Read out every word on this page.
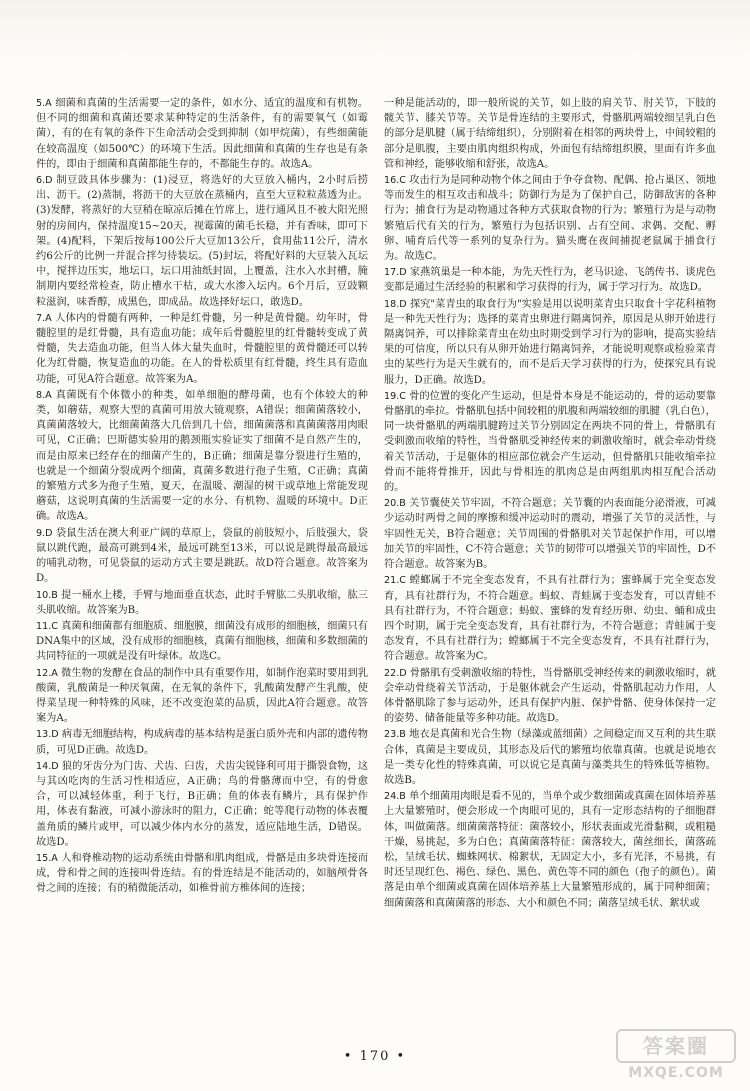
5.A 细菌和真菌的生活需要一定的条件，如水分、适宜的温度和有机物。但不同的细菌和真菌还要求某种特定的生活条件，有的需要氧气（如霉菌），有的在有氧的条件下生命活动会受到抑制（如甲烷菌），有些细菌能在较高温度（如500℃）的环境下生活。因此细菌和真菌的生存也是有条件的，即由于细菌和真菌都能生存的，不都能生存的。故选A。

6.D 制豆豉具体步骤为：(1)浸豆，将选好的大豆放入桶内，2小时后捞出、沥干。(2)蒸制，将沥干的大豆放在蒸桶内，直至大豆粒粒蒸透为止。(3)发酵，将蒸好的大豆稍在晾凉后摊在竹席上，进行通风且不被大阳光照射的房间内，保持温度15~20天，视霉菌的菌毛长稳，并有香味，即可下架。(4)配料，下架后按每100公斤大豆加13公斤，食用盐11公斤，清水约6公斤的比例一并混合拌匀待装坛。(5)封坛，将配好料的大豆装入瓦坛中，搅拌边压实，地坛口，坛口用油纸封固，上覆盖，注水入水封槽，腌制期内要经常检查，防止槽水干枯，或大水渗入坛内。6个月后，豆豉颗粒滋润，味香醇，成黑色，即成品。故选择好坛口，敢选D。

7.A 人体内的骨髓有两种，一种是红骨髓，另一种是黄骨髓。幼年时，骨髓腔里的是红骨髓，具有造血功能；成年后骨髓腔里的红骨髓转变成了黄骨髓，失去造血功能，但当人体大量失血时，骨髓腔里的黄骨髓还可以转化为红骨髓，恢复造血的功能。在人的骨松质里有红骨髓，终生具有造血功能，可见A符合题意。故答案为A。

8.A 真菌既有个体微小的种类，如单细胞的酵母菌，也有个体较大的种类，如蘑菇，观察大型的真菌可用放大镜观察，A错误；细菌菌落较小，真菌菌落较大，比细菌菌落大几倍到几十倍，细菌菌落和真菌菌落用肉眼可见，C正确；巴斯德实验用的鹅颈瓶实验证实了细菌不是自然产生的，而是由原来已经存在的细菌产生的，B正确；细菌是靠分裂进行生殖的，也就是一个细菌分裂成两个细菌，真菌多数进行孢子生殖，C正确；真菌的繁殖方式多为孢子生殖，夏天，在温暖、潮湿的树干或草地上常能发现蘑菇，这说明真菌的生活需要一定的水分、有机物、温暖的环境中。D正确。故选A。

9.D 袋鼠生活在澳大利亚广阔的草原上，袋鼠的前肢短小，后肢强大，袋鼠以跳代跑，最高可跳到4米，最远可跳至13米，可以说是跳得最高最远的哺乳动物，可见袋鼠的运动方式主要是跳跃。故D符合题意。故答案为D。

10.B 提一桶水上楼，手臂与地面垂直状态，此时手臂肱二头肌收缩，肱三头肌收缩。故答案为B。

11.C 真菌和细菌都有细胞质、细胞膜，细菌没有成形的细胞核，细菌只有DNA集中的区域，没有成形的细胞核，真菌有细胞核，细菌和多数细菌的共同特征的一项就是没有叶绿体。故选C。

12.A 微生物的发酵在食品的制作中具有重要作用，如制作泡菜时要用到乳酸菌，乳酸菌是一种厌氧菌，在无氧的条件下，乳酸菌发酵产生乳酸，使得菜呈现一种特殊的风味，还不改变泡菜的品质，因此A符合题意。故答案为A。

13.D 病毒无细胞结构，构成病毒的基本结构是蛋白质外壳和内部的遗传物质，可见D正确。故选D。

14.D 狼的牙齿分为门齿、犬齿、臼齿，犬齿尖锐锋利可用于撕裂食物，这与其凶吃肉的生活习性相适应，A正确；鸟的骨骼薄而中空，有的骨愈合，可以减轻体重，利于飞行，B正确；鱼的体表有鳞片，具有保护作用，体表有黏液，可减小游泳时的阻力，C正确；蛇等爬行动物的体表覆盖角质的鳞片或甲，可以减少体内水分的蒸发，适应陆地生活，D错误。故选D。

15.A 人和脊椎动物的运动系统由骨骼和肌肉组成，骨骼是由多块骨连接而成，骨和骨之间的连接叫骨连结。有的骨连结是不能活动的，如脑颅骨各骨之间的连接；有的稍微能活动，如椎骨前方椎体间的连接；

一种是能活动的，即一般所说的关节，如上肢的肩关节、肘关节，下肢的髋关节、膝关节等。关节是骨连结的主要形式，骨骼肌两端较细呈乳白色的部分是肌腱（属于结缔组织），分别附着在相邻的两块骨上，中间较粗的部分是肌腹，主要由肌肉组织构成，外面包有结缔组织膜，里面有许多血管和神经，能够收缩和舒张，故选A。

16.C 攻击行为是同种动物个体之间由于争夺食物、配偶、抢占巢区、领地等而发生的相互攻击和战斗；防御行为是为了保护自己，防御敌害的各种行为；捕食行为是动物通过各种方式获取食物的行为；繁殖行为是与动物繁殖后代有关的行为，繁殖行为包括识别、占有空间、求偶、交配、孵卵、哺育后代等一系列的复杂行为。猫头鹰在夜间捕捉老鼠属于捕食行为。故选C。

17.D 家燕筑巢是一种本能，为先天性行为，老马识途、飞鸽传书、谈虎色变都是通过生活经验的积累和学习获得的行为，属于学习行为。故选D。

18.D 探究"菜青虫的取食行为"实验是用以说明菜青虫只取食十字花科植物是一种先天性行为；选择的菜青虫卵进行隔离饲养，原因是从卵开始进行隔离饲养，可以排除菜青虫在幼虫时期受到学习行为的影响，提高实验结果的可信度，所以只有从卵开始进行隔离饲养，才能说明观察或检验菜青虫的某些行为是天生就有的，而不是后天学习获得的行为，使探究具有说服力，D正确。故选D。

19.C 骨的位置的变化产生运动，但是骨本身是不能运动的，骨的运动要靠骨骼肌的牵拉。骨骼肌包括中间较粗的肌腹和两端较细的肌腱（乳白色），同一块骨骼肌的两端肌腱跨过关节分别固定在两块不同的骨上，骨骼肌有受刺激而收缩的特性，当骨骼肌受神经传来的刺激收缩时，就会牵动骨绕着关节活动，于是躯体的相应部位就会产生运动，但骨骼肌只能收缩牵拉骨而不能将骨推开，因此与骨相连的肌肉总是由两组肌肉相互配合活动的。

20.B 关节囊使关节牢固，不符合题意；关节囊的内表面能分泌滑液，可减少运动时两骨之间的摩擦和缓冲运动时的震动，增强了关节的灵活性，与牢固性无关，B符合题意；关节周围的骨骼肌对关节起保护作用，可以增加关节的牢固性，C不符合题意；关节的韧带可以增强关节的牢固性，D不符合题意。故答案为B。

21.C 螳螂属于不完全变态发育，不具有社群行为；蜜蜂属于完全变态发育，具有社群行为，不符合题意。蚂蚁、青蛙属于变态发育，可以青蛙不具有社群行为，不符合题意；蚂蚁、蜜蜂的发育经历卵、幼虫、蛹和成虫四个时期，属于完全变态发育，具有社群行为，不符合题意；青蛙属于变态发育，不具有社群行为；螳螂属于不完全变态发育，不具有社群行为，符合题意。故答案为C。

22.D 骨骼肌有受刺激收缩的特性，当骨骼肌受神经传来的刺激收缩时，就会牵动骨绕着关节活动，于是躯体就会产生运动，骨骼肌起动力作用，人体骨骼肌除了参与运动外，还具有保护内脏、保护骨骼、使身体保持一定的姿势、储备能量等多种功能。故选D。

23.B 地衣是真菌和光合生物（绿藻或蓝细菌）之间稳定而又互利的共生联合体，真菌是主要成员，其形态及后代的繁殖均依靠真菌。也就是说地衣是一类专化性的特殊真菌，可以说它是真菌与藻类共生的特殊低等植物。故选B。

24.B 单个细菌用肉眼是看不见的，当单个或少数细菌或真菌在固体培养基上大量繁殖时，便会形成一个肉眼可见的，具有一定形态结构的子细胞群体，叫做菌落。细菌菌落特征：菌落较小，形状表面或光滑黏稠，或粗糙干燥，易挑起，多为白色；真菌菌落特征：菌落较大，菌丝细长，菌落疏松，呈绒毛状、蜘蛛网状、棉絮状，无固定大小，多有光泽，不易挑，有时还呈现红色、褐色、绿色、黑色、黄色等不同的颜色（孢子的颜色）。菌落是由单个细菌或真菌在固体培养基上大量繁殖形成的，属于同种细菌；细菌菌落和真菌菌落的形态、大小和颜色不同；菌落呈绒毛状、絮状或

• 170 •	答案圈
MXQE.COM
